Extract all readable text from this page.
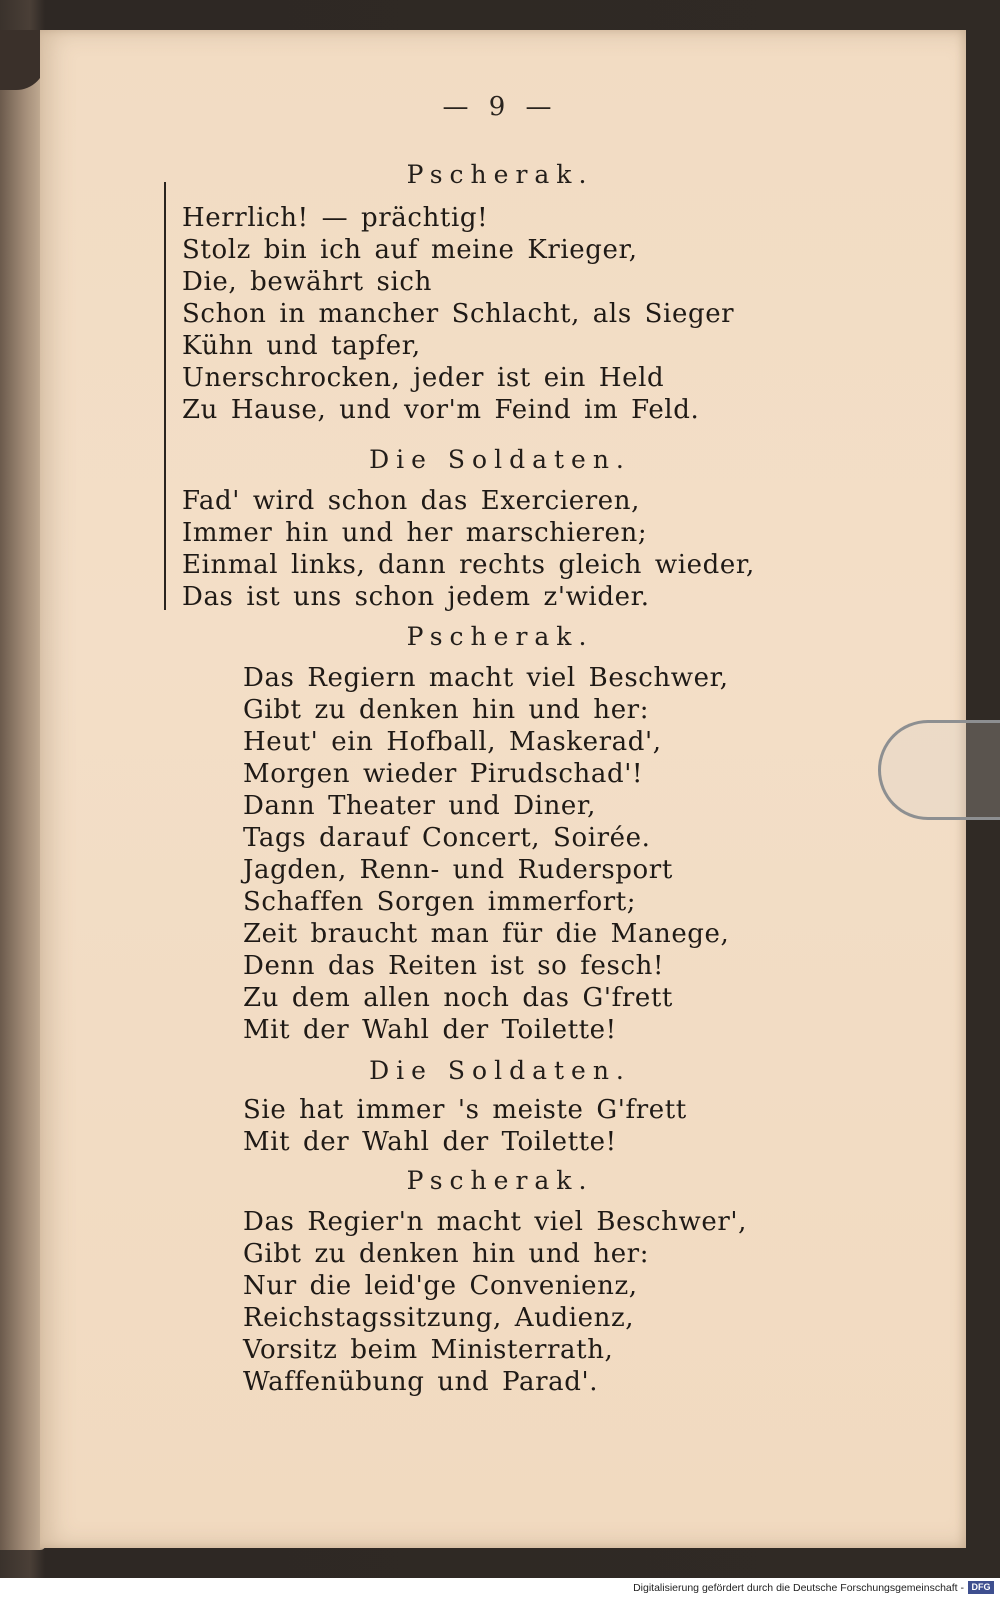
— 9 —
Pscherak.
Herrlich! — prächtig!
Stolz bin ich auf meine Krieger,
Die, bewährt sich
Schon in mancher Schlacht, als Sieger
Kühn und tapfer,
Unerschrocken, jeder ist ein Held
Zu Hause, und vor'm Feind im Feld.
Die Soldaten.
Fad' wird schon das Exercieren,
Immer hin und her marschieren;
Einmal links, dann rechts gleich wieder,
Das ist uns schon jedem z'wider.
Pscherak.
Das Regiern macht viel Beschwer,
Gibt zu denken hin und her:
Heut' ein Hofball, Maskerad',
Morgen wieder Pirudschad'!
Dann Theater und Diner,
Tags darauf Concert, Soirée.
Jagden, Renn- und Rudersport
Schaffen Sorgen immerfort;
Zeit braucht man für die Manege,
Denn das Reiten ist so fesch!
Zu dem allen noch das G'frett
Mit der Wahl der Toilette!
Die Soldaten.
Sie hat immer 's meiste G'frett
Mit der Wahl der Toilette!
Pscherak.
Das Regier'n macht viel Beschwer',
Gibt zu denken hin und her:
Nur die leid'ge Convenienz,
Reichstagssitzung, Audienz,
Vorsitz beim Ministerrath,
Waffenübung und Parad'.
Digitalisierung gefördert durch die Deutsche Forschungsgemeinschaft - DFG
